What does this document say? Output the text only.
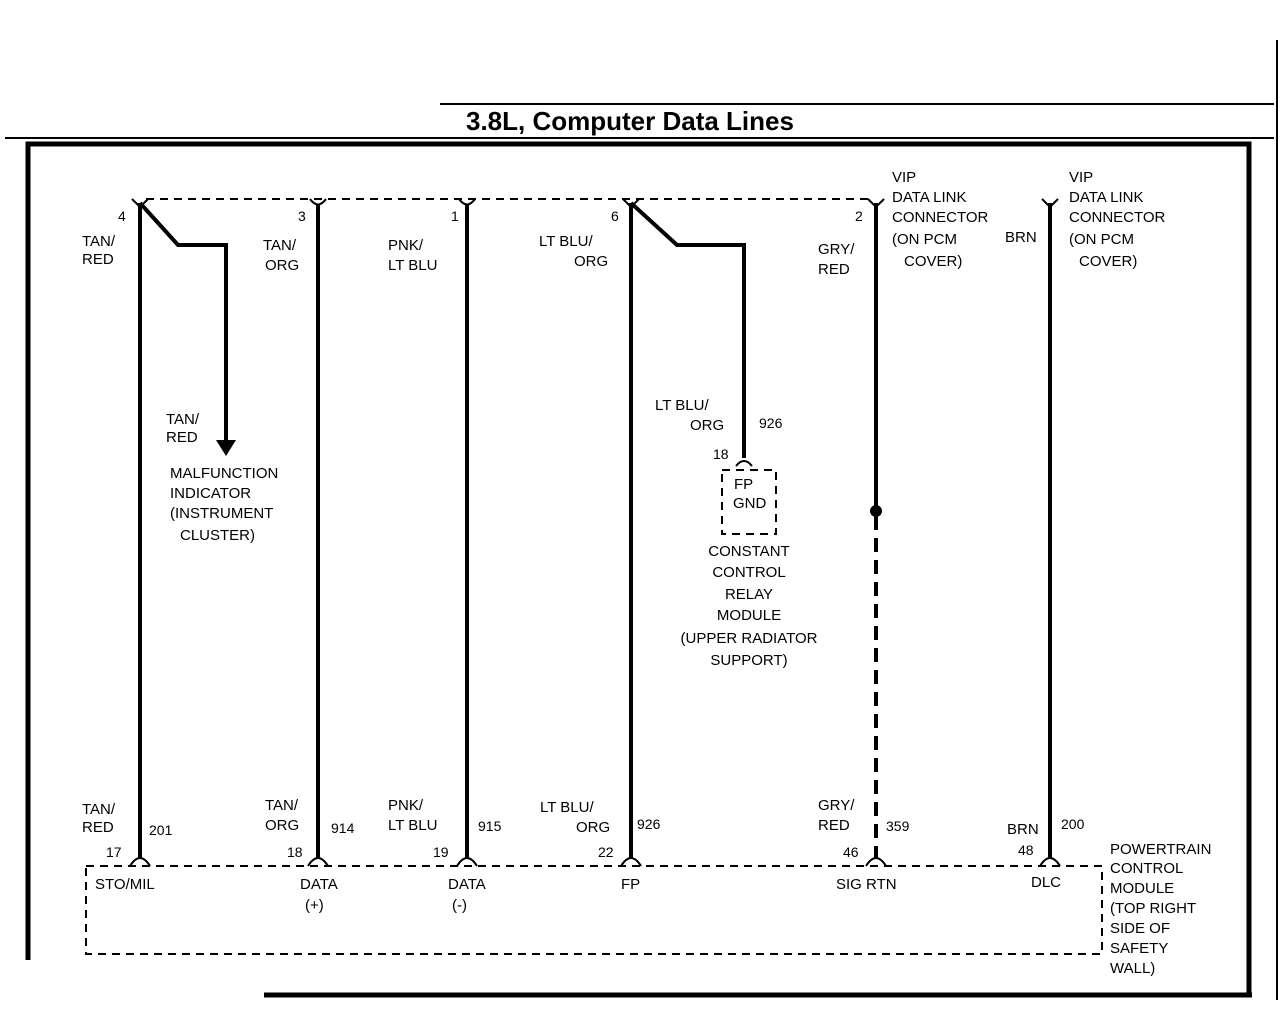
3.8L, Computer Data Lines
4	3	1	6	2
TAN/
RED
TAN/
ORG
PNK/
LT BLU
LT BLU/
ORG
GRY/
RED
VIP
DATA LINK
CONNECTOR
(ON PCM
COVER)
BRN
VIP
DATA LINK
CONNECTOR
(ON PCM
COVER)
TAN/
RED
MALFUNCTION
INDICATOR
(INSTRUMENT
CLUSTER)
LT BLU/
ORG 926
18
FP
GND
CONSTANT
CONTROL
RELAY
MODULE
(UPPER RADIATOR
SUPPORT)
TAN/
RED	201
17
STO/MIL
TAN/
ORG 914
18
DATA
(+)
PNK/
LT BLU	915
19
DATA
(-)
LT BLU/
ORG 926
22
FP
GRY/
RED	359
46
SIG RTN
BRN 200
48
DLC
POWERTRAIN
CONTROL
MODULE
(TOP RIGHT
SIDE OF
SAFETY
WALL)
